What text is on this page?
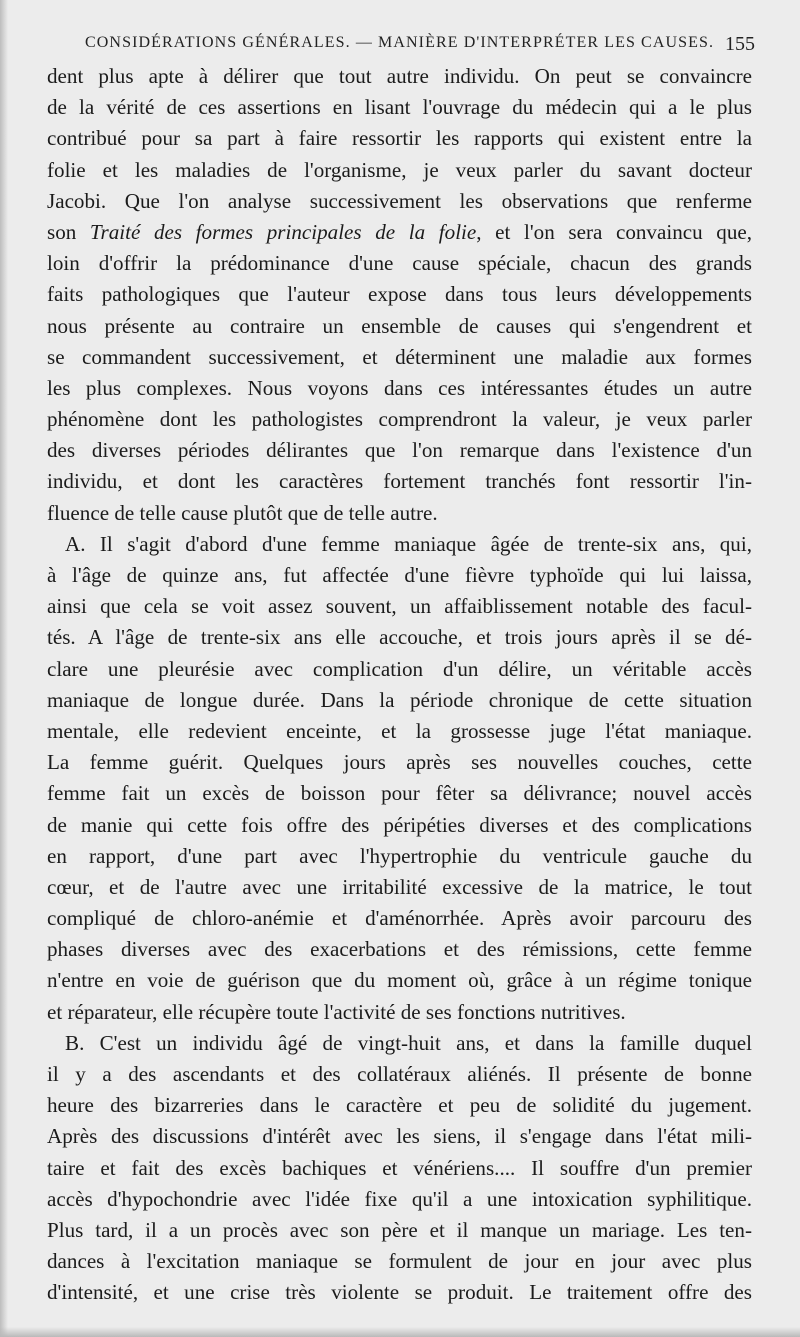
CONSIDÉRATIONS GÉNÉRALES. — MANIÈRE D'INTERPRÉTER LES CAUSES. 155
dent plus apte à délirer que tout autre individu. On peut se convaincre
de la vérité de ces assertions en lisant l'ouvrage du médecin qui a le plus
contribué pour sa part à faire ressortir les rapports qui existent entre la
folie et les maladies de l'organisme, je veux parler du savant docteur
Jacobi. Que l'on analyse successivement les observations que renferme
son Traité des formes principales de la folie, et l'on sera convaincu que,
loin d'offrir la prédominance d'une cause spéciale, chacun des grands
faits pathologiques que l'auteur expose dans tous leurs développements
nous présente au contraire un ensemble de causes qui s'engendrent et
se commandent successivement, et déterminent une maladie aux formes
les plus complexes. Nous voyons dans ces intéressantes études un autre
phénomène dont les pathologistes comprendront la valeur, je veux parler
des diverses périodes délirantes que l'on remarque dans l'existence d'un
individu, et dont les caractères fortement tranchés font ressortir l'in-
fluence de telle cause plutôt que de telle autre.
A. Il s'agit d'abord d'une femme maniaque âgée de trente-six ans, qui,
à l'âge de quinze ans, fut affectée d'une fièvre typhoïde qui lui laissa,
ainsi que cela se voit assez souvent, un affaiblissement notable des facul-
tés. A l'âge de trente-six ans elle accouche, et trois jours après il se dé-
clare une pleurésie avec complication d'un délire, un véritable accès
maniaque de longue durée. Dans la période chronique de cette situation
mentale, elle redevient enceinte, et la grossesse juge l'état maniaque.
La femme guérit. Quelques jours après ses nouvelles couches, cette
femme fait un excès de boisson pour fêter sa délivrance; nouvel accès
de manie qui cette fois offre des péripéties diverses et des complications
en rapport, d'une part avec l'hypertrophie du ventricule gauche du
cœur, et de l'autre avec une irritabilité excessive de la matrice, le tout
compliqué de chloro-anémie et d'aménorrhée. Après avoir parcouru des
phases diverses avec des exacerbations et des rémissions, cette femme
n'entre en voie de guérison que du moment où, grâce à un régime tonique
et réparateur, elle récupère toute l'activité de ses fonctions nutritives.
B. C'est un individu âgé de vingt-huit ans, et dans la famille duquel
il y a des ascendants et des collatéraux aliénés. Il présente de bonne
heure des bizarreries dans le caractère et peu de solidité du jugement.
Après des discussions d'intérêt avec les siens, il s'engage dans l'état mili-
taire et fait des excès bachiques et vénériens.... Il souffre d'un premier
accès d'hypochondrie avec l'idée fixe qu'il a une intoxication syphilitique.
Plus tard, il a un procès avec son père et il manque un mariage. Les ten-
dances à l'excitation maniaque se formulent de jour en jour avec plus
d'intensité, et une crise très violente se produit. Le traitement offre des
